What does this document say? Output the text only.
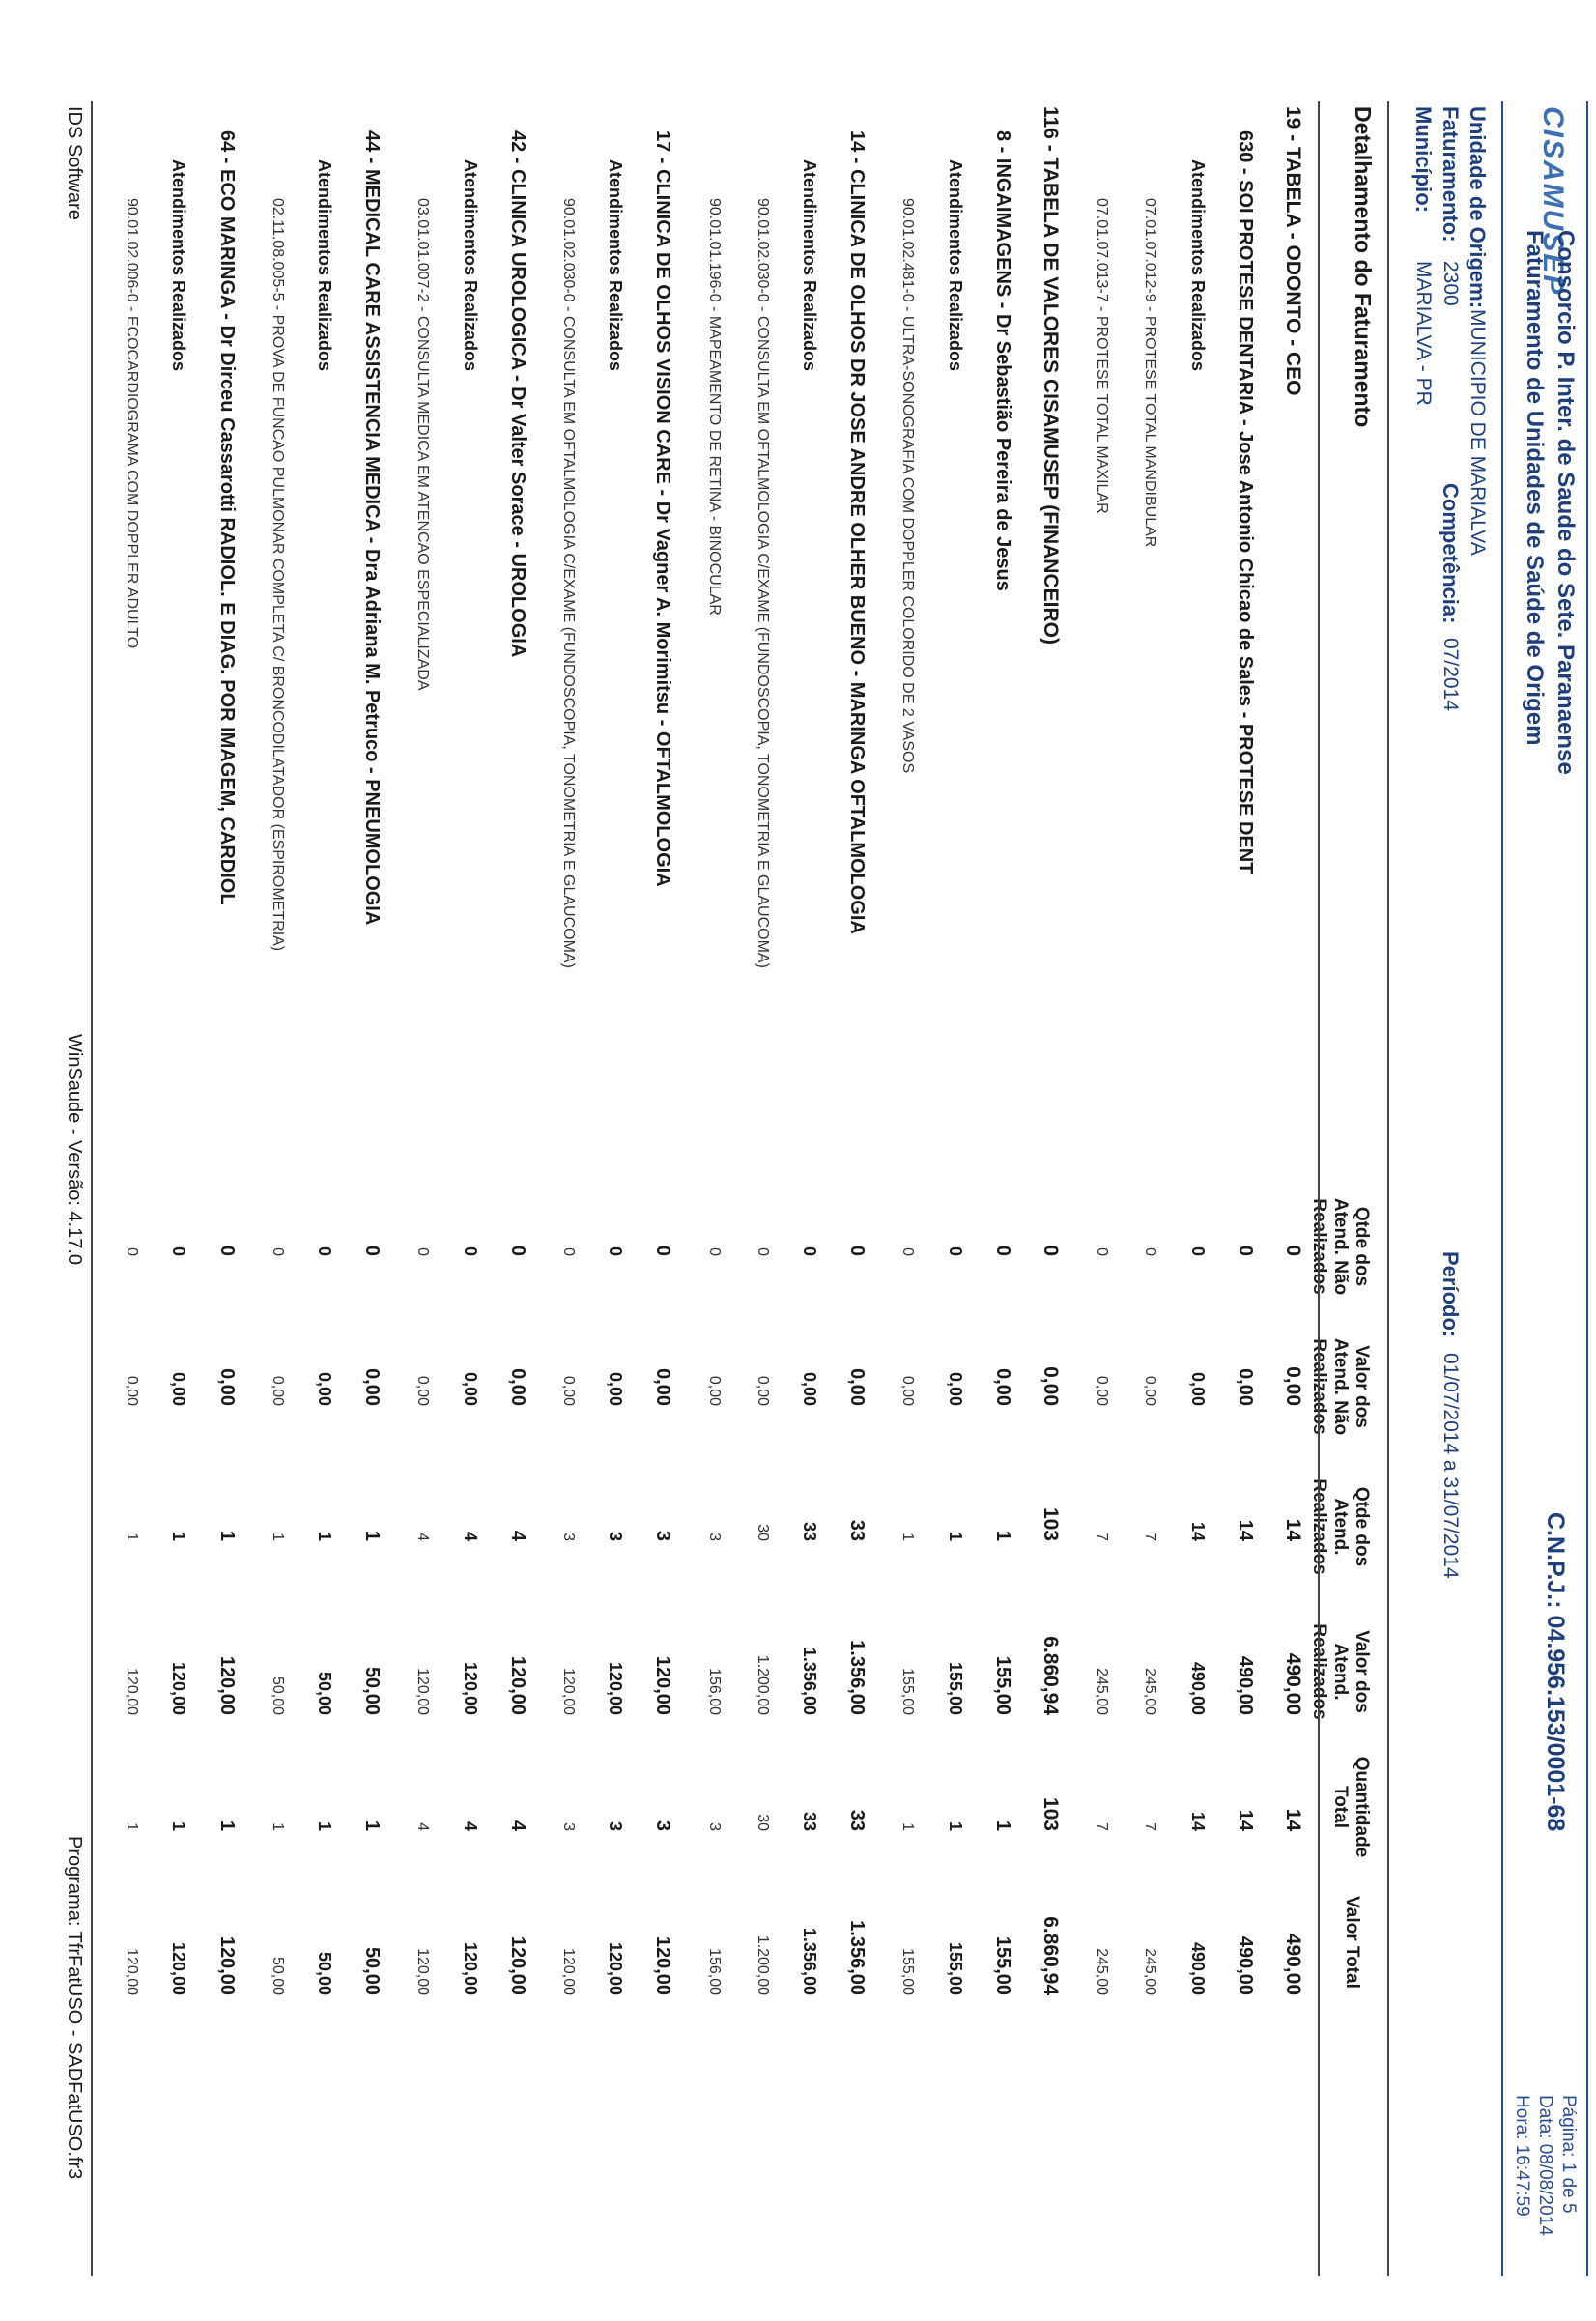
CISAMUSEP
Consorcio P. Inter. de Saude do Sete. Paranaense
Faturamento de Unidades de Saúde de Origem
C.N.P.J.: 04.956.153/0001-68
Página: 1 de 5
Data: 08/08/2014
Hora: 16:47:59
Unidade de Origem:
MUNICIPIO DE MARIALVA
Faturamento:
2300
Competência:
07/2014
Período:
01/07/2014 a 31/07/2014
Município:
MARIALVA - PR
Detalhamento do Faturamento
Qtde dos Atend. Não Realizados
Valor dos Atend. Não Realizados
Qtde dos Atend. Realizados
Valor dos Atend. Realizados
Quantidade Total
Valor Total
19 - TABELA - ODONTO - CEO
0
0,00
14
490,00
14
490,00
630 - SOI PROTESE DENTARIA - Jose Antonio Chicao de Sales - PROTESE DENT
0
0,00
14
490,00
14
490,00
Atendimentos Realizados
0
0,00
14
490,00
14
490,00
07.01.07.012-9 - PROTESE TOTAL MANDIBULAR
0
0,00
7
245,00
7
245,00
07.01.07.013-7 - PROTESE TOTAL MAXILAR
0
0,00
7
245,00
7
245,00
116 - TABELA DE VALORES CISAMUSEP (FINANCEIRO)
0
0,00
103
6.860,94
103
6.860,94
8 - INGAIMAGENS - Dr Sebastião Pereira de Jesus
0
0,00
1
155,00
1
155,00
Atendimentos Realizados
0
0,00
1
155,00
1
155,00
90.01.02.481-0 - ULTRA-SONOGRAFIA COM DOPPLER COLORIDO DE 2 VASOS
0
0,00
1
155,00
1
155,00
14 - CLINICA DE OLHOS DR JOSE ANDRE OLHER BUENO - MARINGA OFTALMOLOGIA
0
0,00
33
1.356,00
33
1.356,00
Atendimentos Realizados
0
0,00
33
1.356,00
33
1.356,00
90.01.02.030-0 - CONSULTA EM OFTALMOLOGIA C/EXAME (FUNDOSCOPIA, TONOMETRIA E GLAUCOMA)
0
0,00
30
1.200,00
30
1.200,00
90.01.01.196-0 - MAPEAMENTO DE RETINA - BINOCULAR
0
0,00
3
156,00
3
156,00
17 - CLINICA DE OLHOS VISION CARE - Dr Vagner A. Morimitsu - OFTALMOLOGIA
0
0,00
3
120,00
3
120,00
Atendimentos Realizados
0
0,00
3
120,00
3
120,00
90.01.02.030-0 - CONSULTA EM OFTALMOLOGIA C/EXAME (FUNDOSCOPIA, TONOMETRIA E GLAUCOMA)
0
0,00
3
120,00
3
120,00
42 - CLINICA UROLOGICA - Dr Valter Sorace - UROLOGIA
0
0,00
4
120,00
4
120,00
Atendimentos Realizados
0
0,00
4
120,00
4
120,00
03.01.01.007-2 - CONSULTA MEDICA EM ATENCAO ESPECIALIZADA
0
0,00
4
120,00
4
120,00
44 - MEDICAL CARE ASSISTENCIA MEDICA - Dra Adriana M. Petruco - PNEUMOLOGIA
0
0,00
1
50,00
1
50,00
Atendimentos Realizados
0
0,00
1
50,00
1
50,00
02.11.08.005-5 - PROVA DE FUNCAO PULMONAR COMPLETA C/ BRONCODILATADOR (ESPIROMETRIA)
0
0,00
1
50,00
1
50,00
64 - ECO MARINGA - Dr Dirceu Cassarotti RADIOL. E DIAG. POR IMAGEM, CARDIOL
0
0,00
1
120,00
1
120,00
Atendimentos Realizados
0
0,00
1
120,00
1
120,00
90.01.02.006-0 - ECOCARDIOGRAMA COM DOPPLER ADULTO
0
0,00
1
120,00
1
120,00
IDS Software
WinSaude - Versão: 4.17.0
Programa: TfrFatUSO - SADFatUSO.fr3
